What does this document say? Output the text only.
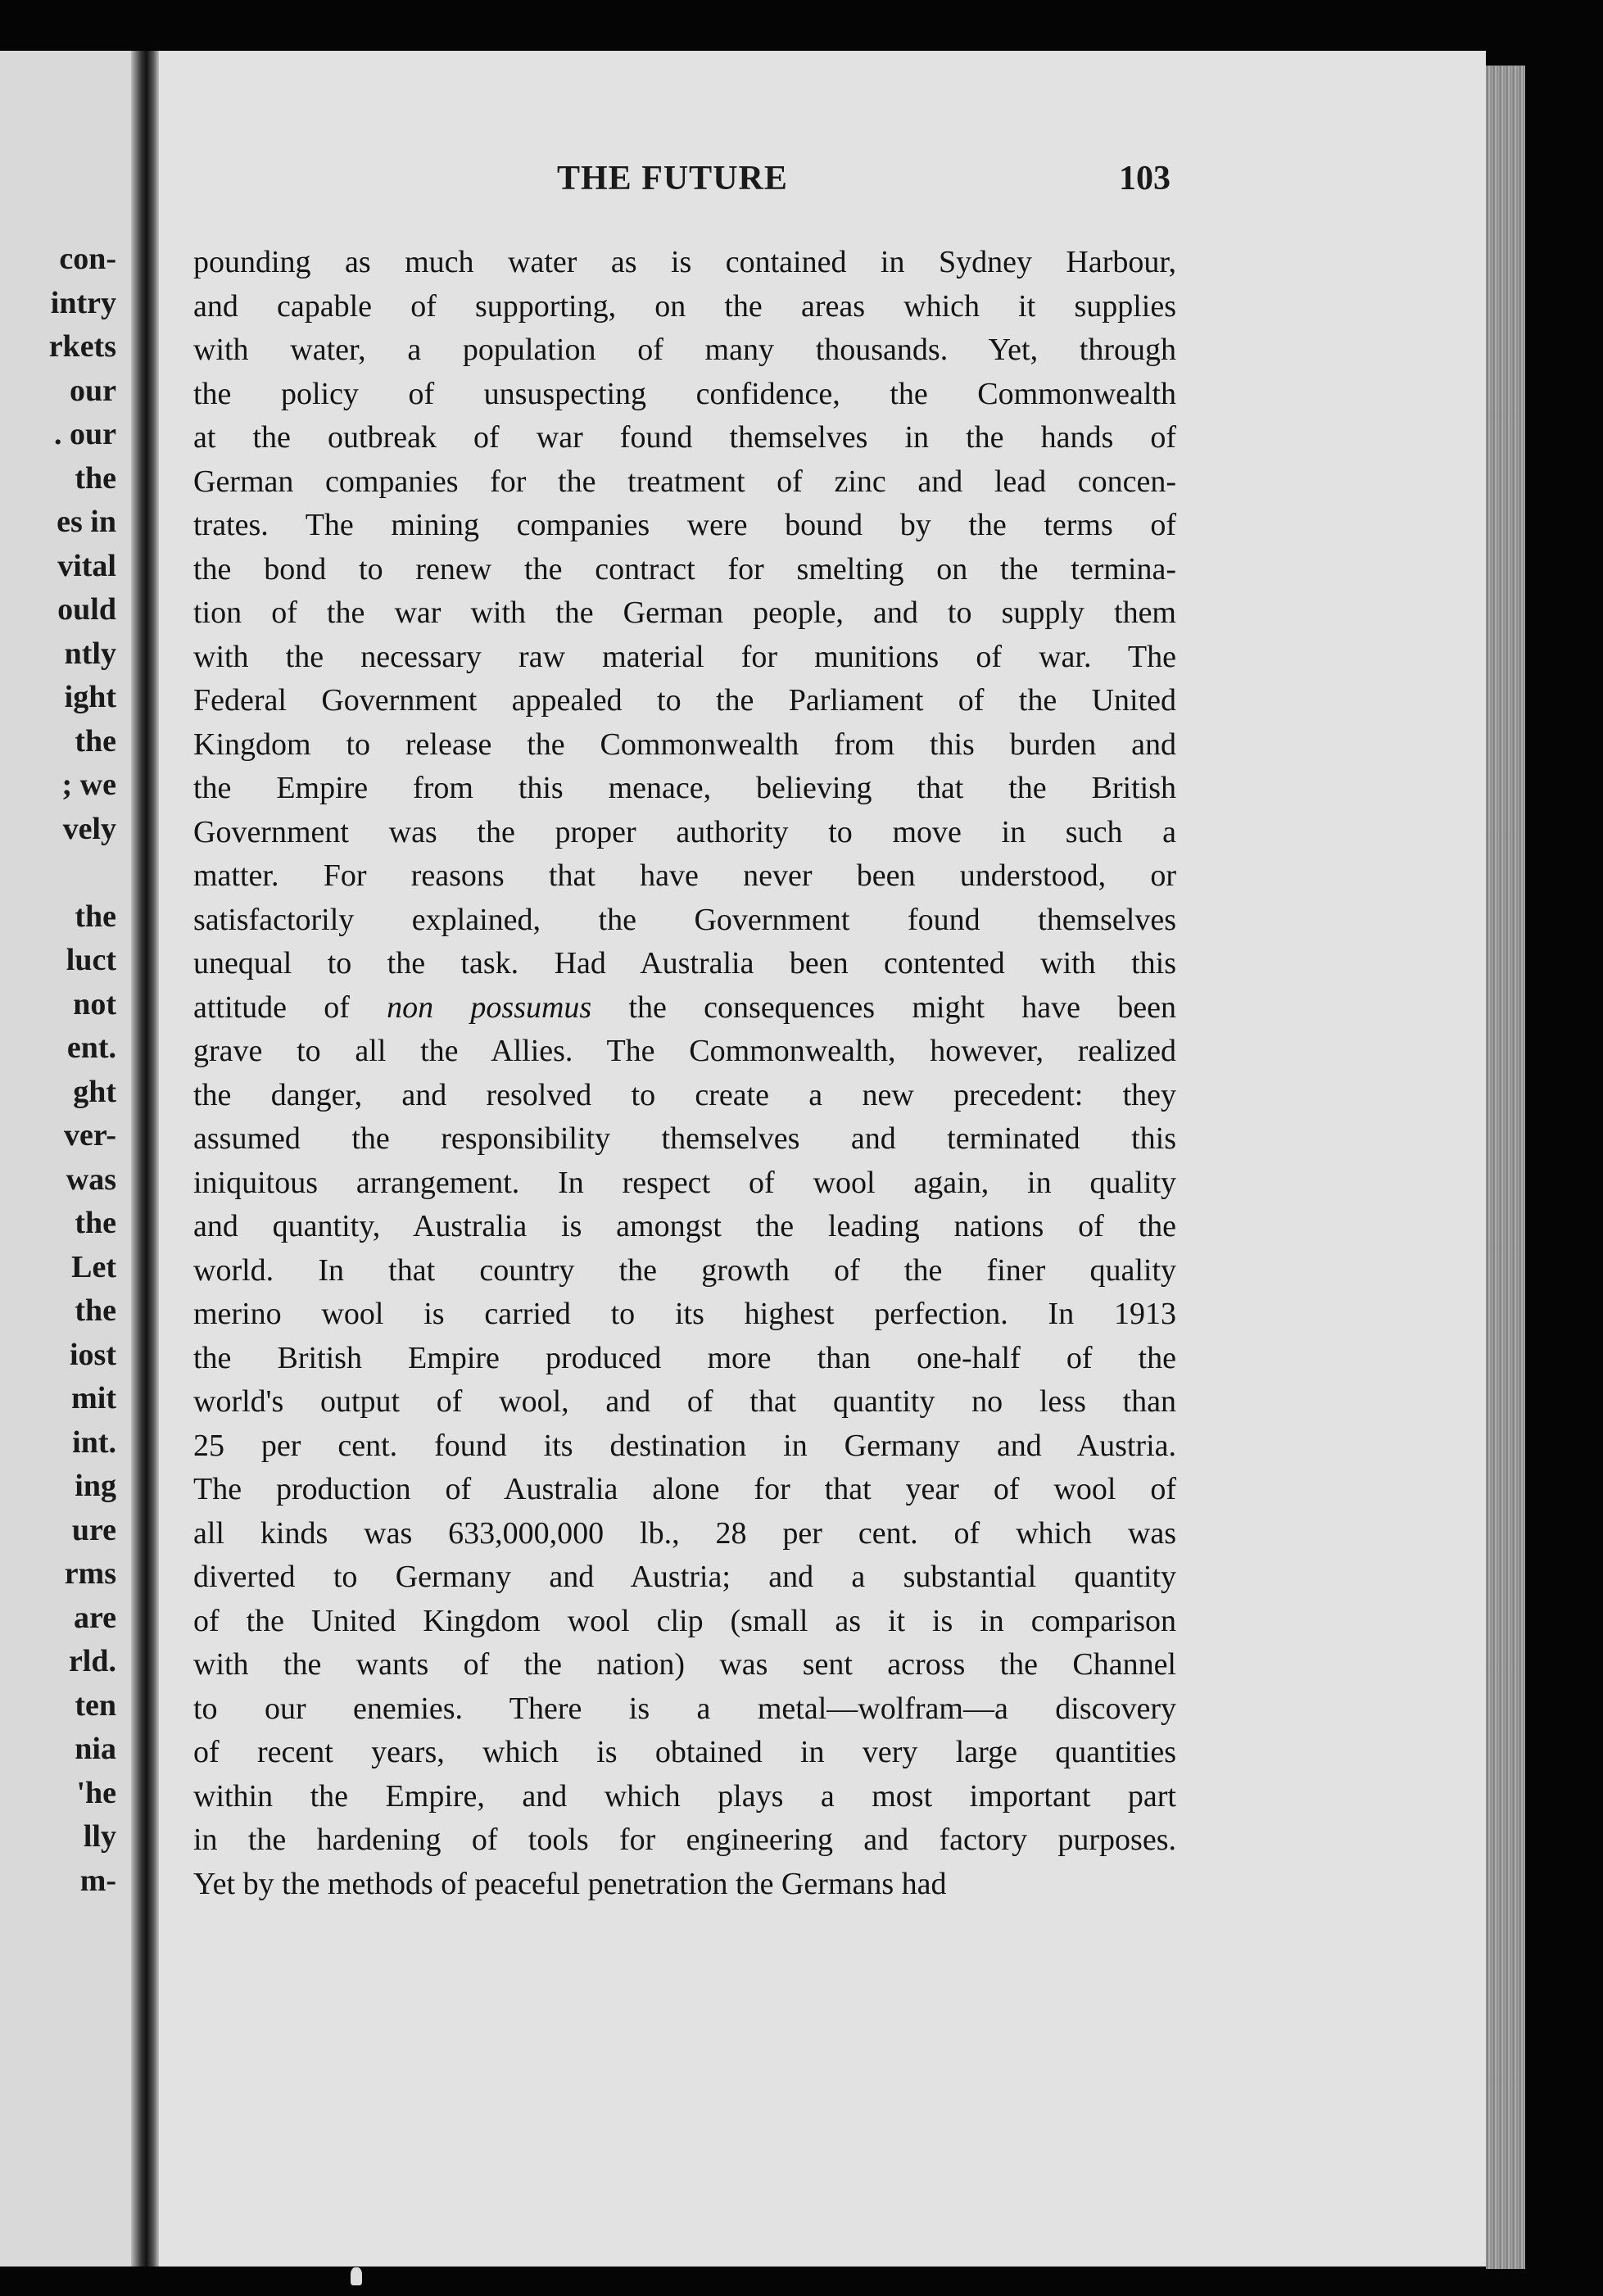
con-
intry
rkets
our
. our
the
es in
vital
ould
ntly
ight
the
; we
vely
the
luct
not
ent.
ght
ver-
was
the
Let
the
iost
mit
int.
ing
ure
rms
are
rld.
ten
nia
'he
lly
m-
THE FUTURE	103
pounding as much water as is contained in Sydney Harbour,
and capable of supporting, on the areas which it supplies
with water, a population of many thousands. Yet, through
the policy of unsuspecting confidence, the Commonwealth
at the outbreak of war found themselves in the hands of
German companies for the treatment of zinc and lead concen-
trates. The mining companies were bound by the terms of
the bond to renew the contract for smelting on the termina-
tion of the war with the German people, and to supply them
with the necessary raw material for munitions of war. The
Federal Government appealed to the Parliament of the United
Kingdom to release the Commonwealth from this burden and
the Empire from this menace, believing that the British
Government was the proper authority to move in such a
matter. For reasons that have never been understood, or
satisfactorily explained, the Government found themselves
unequal to the task. Had Australia been contented with this
attitude of non possumus the consequences might have been
grave to all the Allies. The Commonwealth, however, realized
the danger, and resolved to create a new precedent: they
assumed the responsibility themselves and terminated this
iniquitous arrangement. In respect of wool again, in quality
and quantity, Australia is amongst the leading nations of the
world. In that country the growth of the finer quality
merino wool is carried to its highest perfection. In 1913
the British Empire produced more than one-half of the
world's output of wool, and of that quantity no less than
25 per cent. found its destination in Germany and Austria.
The production of Australia alone for that year of wool of
all kinds was 633,000,000 lb., 28 per cent. of which was
diverted to Germany and Austria; and a substantial quantity
of the United Kingdom wool clip (small as it is in comparison
with the wants of the nation) was sent across the Channel
to our enemies. There is a metal—wolfram—a discovery
of recent years, which is obtained in very large quantities
within the Empire, and which plays a most important part
in the hardening of tools for engineering and factory purposes.
Yet by the methods of peaceful penetration the Germans had
